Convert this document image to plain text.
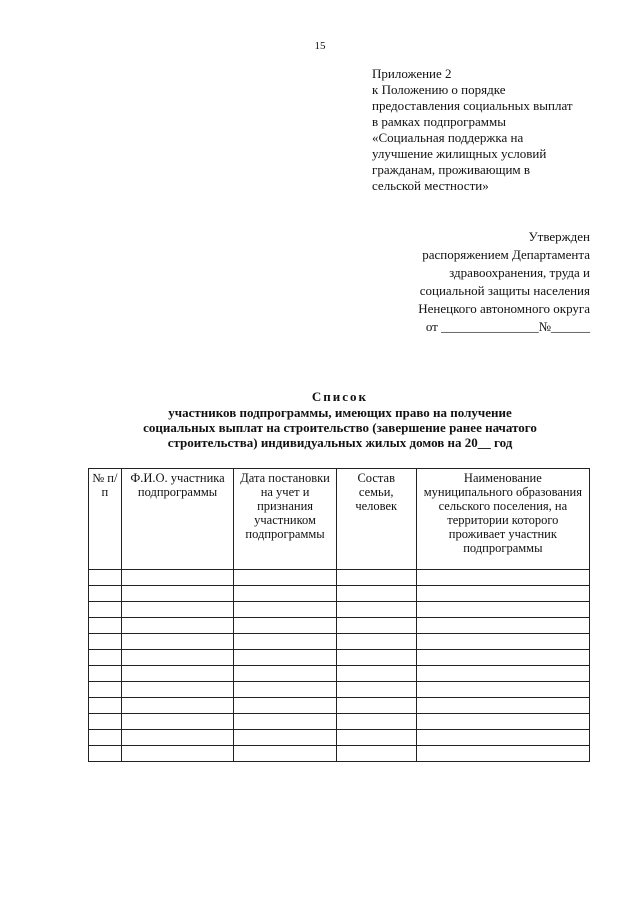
15
Приложение 2
к Положению о порядке
предоставления социальных выплат
в рамках подпрограммы
«Социальная поддержка на
улучшение жилищных условий
гражданам, проживающим в
сельской местности»
Утвержден
распоряжением Департамента
здравоохранения, труда и
социальной защиты населения
Ненецкого автономного округа
от _______________№______
Список
участников подпрограммы, имеющих право на получение
социальных выплат на строительство (завершение ранее начатого
строительства) индивидуальных жилых домов на 20__ год
№ п/п	Ф.И.О. участника подпрограммы	Дата постановки на учет и признания участником подпрограммы	Состав семьи, человек	Наименование муниципального образования сельского поселения, на территории которого проживает участник подпрограммы
